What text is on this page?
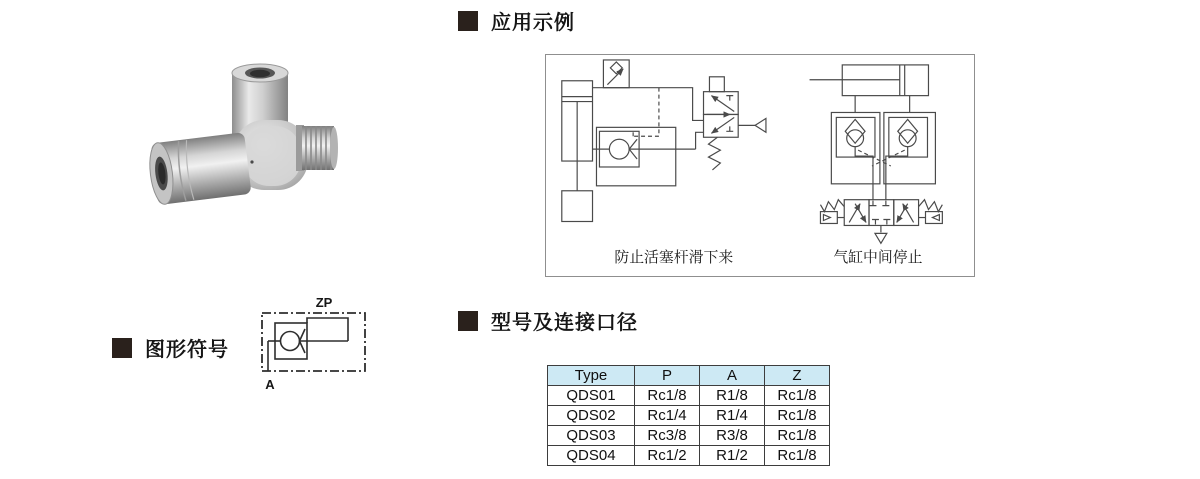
应用示例
防止活塞杆滑下来	气缸中间停止
图形符号
ZP
A
型号及连接口径
Type	P	A	Z
QDS01	Rc1/8	R1/8	Rc1/8
QDS02	Rc1/4	R1/4	Rc1/8
QDS03	Rc3/8	R3/8	Rc1/8
QDS04	Rc1/2	R1/2	Rc1/8
